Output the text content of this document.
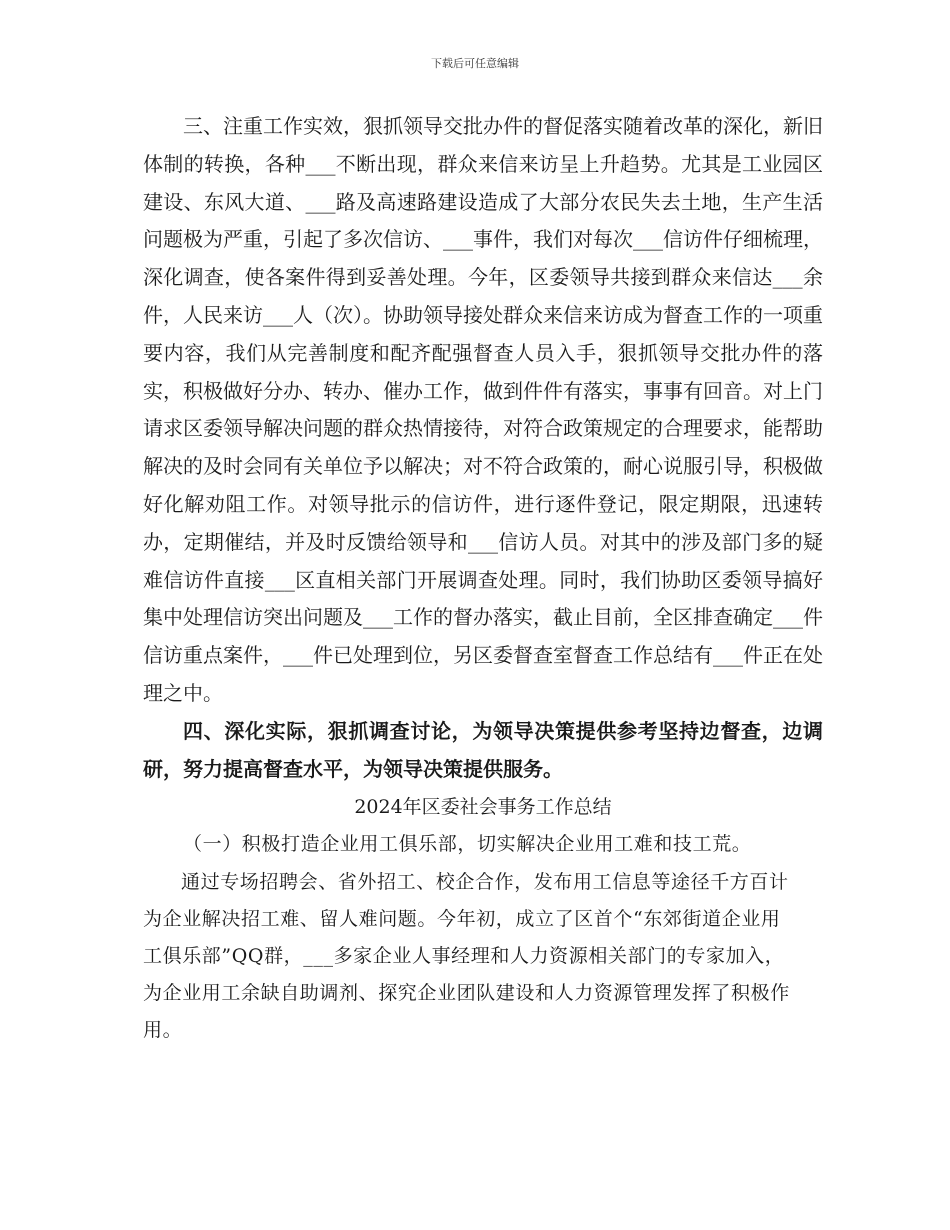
下载后可任意编辑

三、注重工作实效，狠抓领导交批办件的督促落实随着改革的深化，新旧体制的转换，各种___不断出现，群众来信来访呈上升趋势。尤其是工业园区建设、东风大道、___路及高速路建设造成了大部分农民失去土地，生产生活问题极为严重，引起了多次信访、___事件，我们对每次___信访件仔细梳理，深化调查，使各案件得到妥善处理。今年，区委领导共接到群众来信达___余件，人民来访___人（次）。协助领导接处群众来信来访成为督查工作的一项重要内容，我们从完善制度和配齐配强督查人员入手，狠抓领导交批办件的落实，积极做好分办、转办、催办工作，做到件件有落实，事事有回音。对上门请求区委领导解决问题的群众热情接待，对符合政策规定的合理要求，能帮助解决的及时会同有关单位予以解决；对不符合政策的，耐心说服引导，积极做好化解劝阻工作。对领导批示的信访件，进行逐件登记，限定期限，迅速转办，定期催结，并及时反馈给领导和___信访人员。对其中的涉及部门多的疑难信访件直接___区直相关部门开展调查处理。同时，我们协助区委领导搞好集中处理信访突出问题及___工作的督办落实，截止目前，全区排查确定___件信访重点案件，___件已处理到位，另区委督查室督查工作总结有___件正在处理之中。

四、深化实际，狠抓调查讨论，为领导决策提供参考坚持边督查，边调研，努力提高督查水平，为领导决策提供服务。

2024年区委社会事务工作总结

（一）积极打造企业用工俱乐部，切实解决企业用工难和技工荒。

通过专场招聘会、省外招工、校企合作，发布用工信息等途径千方百计为企业解决招工难、留人难问题。今年初，成立了区首个“东郊街道企业用工俱乐部”QQ群，___多家企业人事经理和人力资源相关部门的专家加入，为企业用工余缺自助调剂、探究企业团队建设和人力资源管理发挥了积极作用。
